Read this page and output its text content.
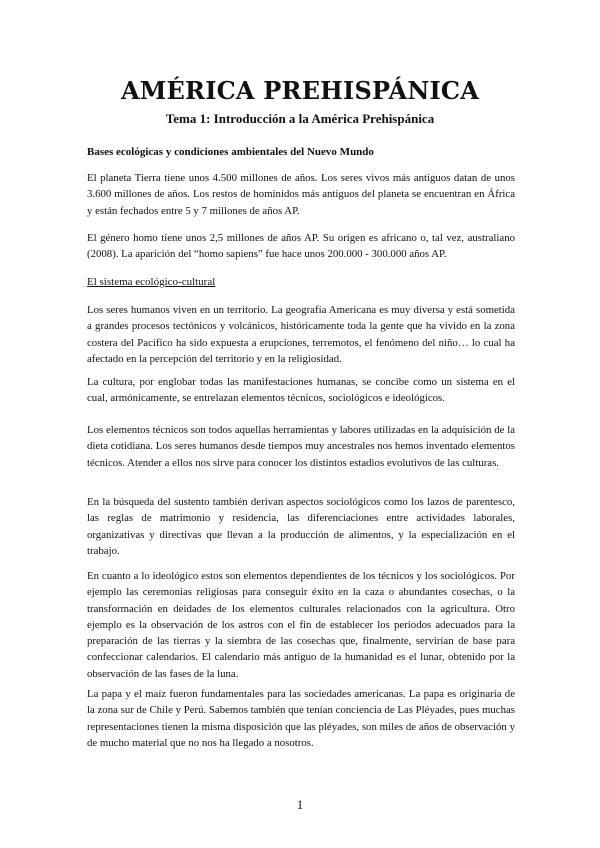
AMÉRICA PREHISPÁNICA
Tema 1: Introducción a la América Prehispánica
Bases ecológicas y condiciones ambientales del Nuevo Mundo

El planeta Tierra tiene unos 4.500 millones de años. Los seres vivos más antiguos datan de unos 3.600 millones de años. Los restos de homínidos más antiguos del planeta se encuentran en África y están fechados entre 5 y 7 millones de años AP.

El género homo tiene unos 2,5 millones de años AP. Su origen es africano o, tal vez, australiano (2008). La aparición del “homo sapiens” fue hace unos 200.000 - 300.000 años AP.

El sistema ecológico-cultural

Los seres humanos viven en un territorio. La geografía Americana es muy diversa y está sometida a grandes procesos tectónicos y volcánicos, históricamente toda la gente que ha vivido en la zona costera del Pacífico ha sido expuesta a erupciones, terremotos, el fenómeno del niño… lo cual ha afectado en la percepción del territorio y en la religiosidad.

La cultura, por englobar todas las manifestaciones humanas, se concibe como un sistema en el cual, armónicamente, se entrelazan elementos técnicos, sociológicos e ideológicos.

Los elementos técnicos son todos aquellas herramientas y labores utilizadas en la adquisición de la dieta cotidiana. Los seres humanos desde tiempos muy ancestrales nos hemos inventado elementos técnicos. Atender a ellos nos sirve para conocer los distintos estadios evolutivos de las culturas.

En la búsqueda del sustento también derivan aspectos sociológicos como los lazos de parentesco, las reglas de matrimonio y residencia, las diferenciaciones entre actividades laborales, organizativas y directivas que llevan a la producción de alimentos, y la especialización en el trabajo.

En cuanto a lo ideológico estos son elementos dependientes de los técnicos y los sociológicos. Por ejemplo las ceremonias religiosas para conseguir éxito en la caza o abundantes cosechas, o la transformación en deidades de los elementos culturales relacionados con la agricultura. Otro ejemplo es la observación de los astros con el fin de establecer los periodos adecuados para la preparación de las tierras y la siembra de las cosechas que, finalmente, servirían de base para confeccionar calendarios. El calendario más antiguo de la humanidad es el lunar, obtenido por la observación de las fases de la luna.

La papa y el maíz fueron fundamentales para las sociedades americanas. La papa es originaria de la zona sur de Chile y Perú. Sabemos también que tenían conciencia de Las Pléyades, pues muchas representaciones tienen la misma disposición que las pléyades, son miles de años de observación y de mucho material que no nos ha llegado a nosotros.

1
